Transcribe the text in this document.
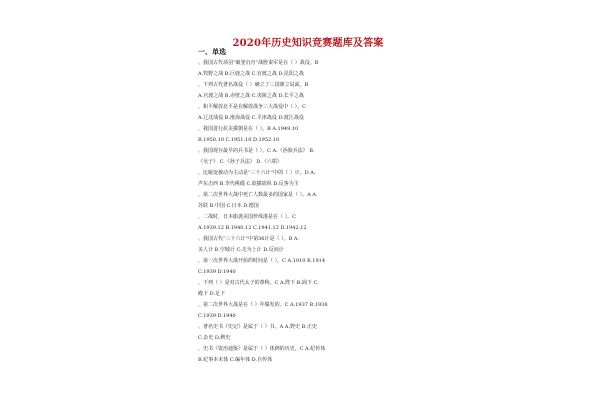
2020年历史知识竞赛题库及答案
一、单选
、我国古代项羽“破釜沉舟”战胜秦军是在（ ）战役。B
A.牧野之战 B.巨鹿之战 C.官渡之战 D.昆阳之战
、下列古代著名战役（ ）确立了三国鼎立局面。B
A.官渡之战 B.赤壁之战 C.夷陵之战 D.长平之战
、和平解放北平是在解放战争三大战役中（ ）。C
A.辽沈战役 B.淮海战役 C.平津战役 D.渡江战役
、我国进行抗美援朝是在（ ）。B A.1949.10
B.1950.10 C.1951.10 D.1952.10
、我国现存最早的兵书是（ ）。C A.《孙膑兵法》 B.
《吴子》 C.《孙子兵法》 D.《六韬》
、比喻变被动为主动是“三十六计”中的（ ）计。D A.
声东击西 B.李代桃僵 C.欲擒故纵 D.反客为主
、第二次世界大战中死亡人数最多的国家是（ ）。A A.
苏联 B.中国 C.日本 D.德国
、二战时，日本偷袭美国珍珠港是在（ ）。C
A.1939.12 B.1940.12 C.1941.12 D.1942.12
、我国古代“三十六计”中第36计是（ ）。B A.
美人计 B.空城计 C.走为上计 D.反间计
、第一次世界大战开始的时间是（ ）。C A.1910 B.1914
C.1939 D.1940
、下列（ ）是对古代太子的尊称。C A.陛下 B.阁下 C.
殿下 D.足下
、第二次世界大战是在（ ）年爆发的。C A.1937 B.1938
C.1939 D.1940
、著名史书《史记》是属于（ ）书。A A.野史 B.正史
C.杂史 D.稗史
、史书《资治通鉴》是属于（ ）体例的历史。C A.纪传体
B.纪事本末体 C.编年体 D.自传体
